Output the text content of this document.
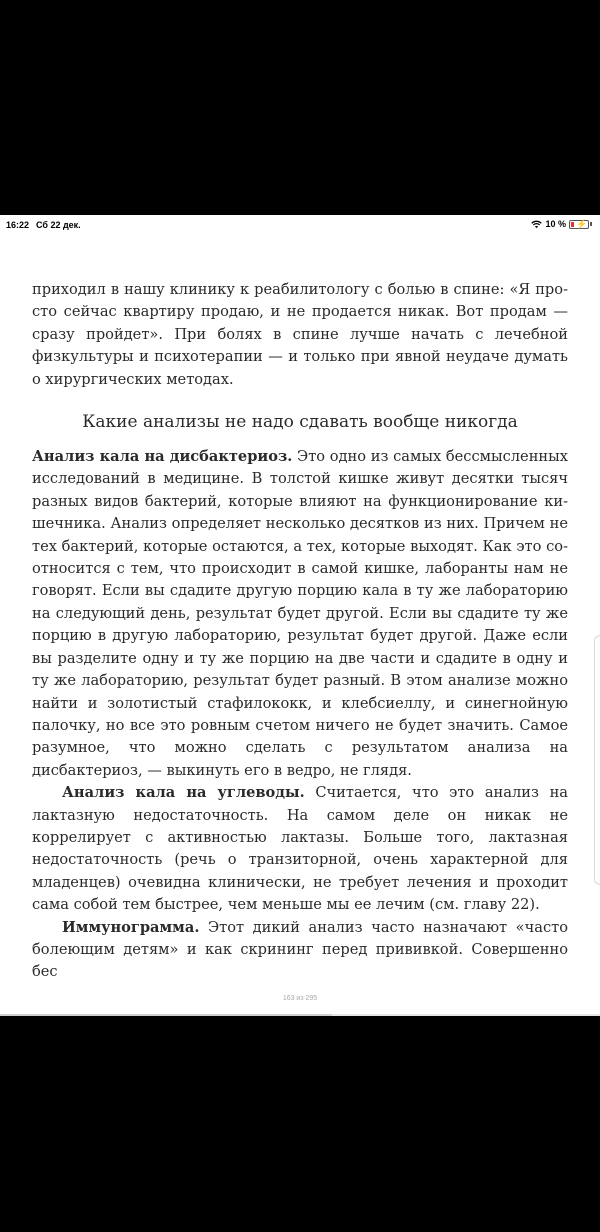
16:22 Сб 22 дек.	10 % ⚡

приходил в нашу клинику к реабилитологу с болью в спине: «Я просто сейчас квартиру продаю, и не продается никак. Вот продам — сразу пройдет». При болях в спине лучше начать с лечебной физкультуры и психотерапии — и только при явной неудаче думать о хирургических методах.

Какие анализы не надо сдавать вообще никогда

Анализ кала на дисбактериоз. Это одно из самых бессмысленных исследований в медицине. В толстой кишке живут десятки тысяч разных видов бактерий, которые влияют на функционирование кишечника. Анализ определяет несколько десятков из них. Причем не тех бактерий, которые остаются, а тех, которые выходят. Как это соотносится с тем, что происходит в самой кишке, лаборанты нам не говорят. Если вы сдадите другую порцию кала в ту же лабораторию на следующий день, результат будет другой. Если вы сдадите ту же порцию в другую лабораторию, результат будет другой. Даже если вы разделите одну и ту же порцию на две части и сдадите в одну и ту же лабораторию, результат будет разный. В этом анализе можно найти и золотистый стафилококк, и клебсиеллу, и синегнойную палочку, но все это ровным счетом ничего не будет значить. Самое разумное, что можно сделать с результатом анализа на дисбактериоз, — выкинуть его в ведро, не глядя.

Анализ кала на углеводы. Считается, что это анализ на лактазную недостаточность. На самом деле он никак не коррелирует с активностью лактазы. Больше того, лактазная недостаточность (речь о транзиторной, очень характерной для младенцев) очевидна клинически, не требует лечения и проходит сама собой тем быстрее, чем меньше мы ее лечим (см. главу 22).

Иммунограмма. Этот дикий анализ часто назначают «часто болеющим детям» и как скрининг перед прививкой. Совершенно бес

163 из 295
